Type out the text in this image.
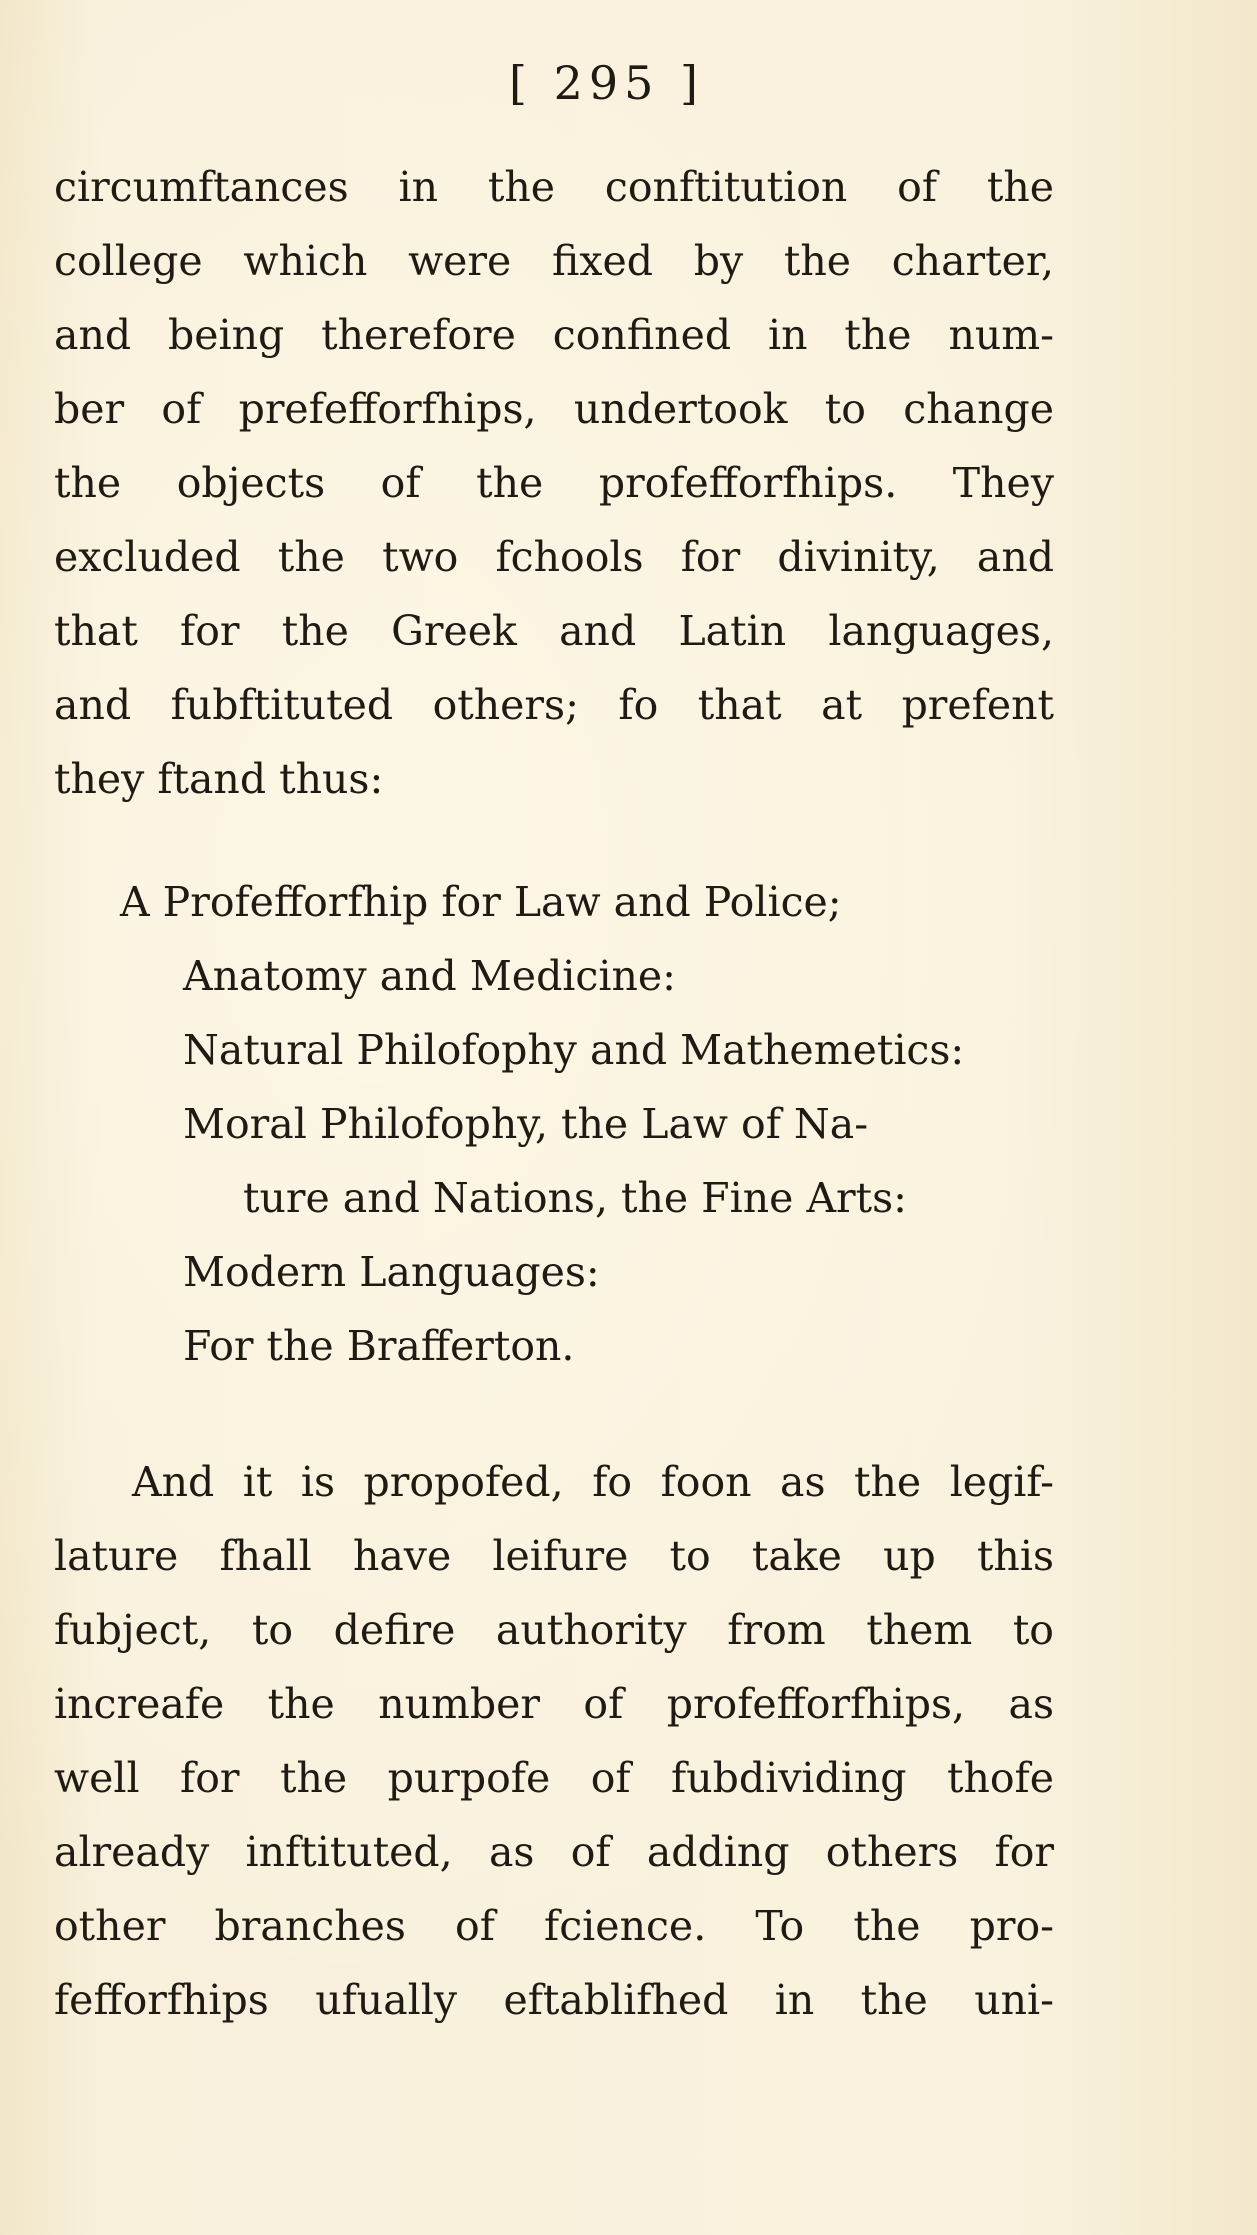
[ 295 ]
circumftances in the conftitution of the
college which were fixed by the charter,
and being therefore confined in the num-
ber of prefefforfhips, undertook to change
the objects of the profefforfhips. They
excluded the two fchools for divinity, and
that for the Greek and Latin languages,
and fubftituted others; fo that at prefent
they ftand thus:
A Profefforfhip for Law and Police;
Anatomy and Medicine:
Natural Philofophy and Mathemetics:
Moral Philofophy, the Law of Na-
ture and Nations, the Fine Arts:
Modern Languages:
For the Brafferton.
And it is propofed, fo foon as the legif-
lature fhall have leifure to take up this
fubject, to defire authority from them to
increafe the number of profefforfhips, as
well for the purpofe of fubdividing thofe
already inftituted, as of adding others for
other branches of fcience. To the pro-
fefforfhips ufually eftablifhed in the uni-
